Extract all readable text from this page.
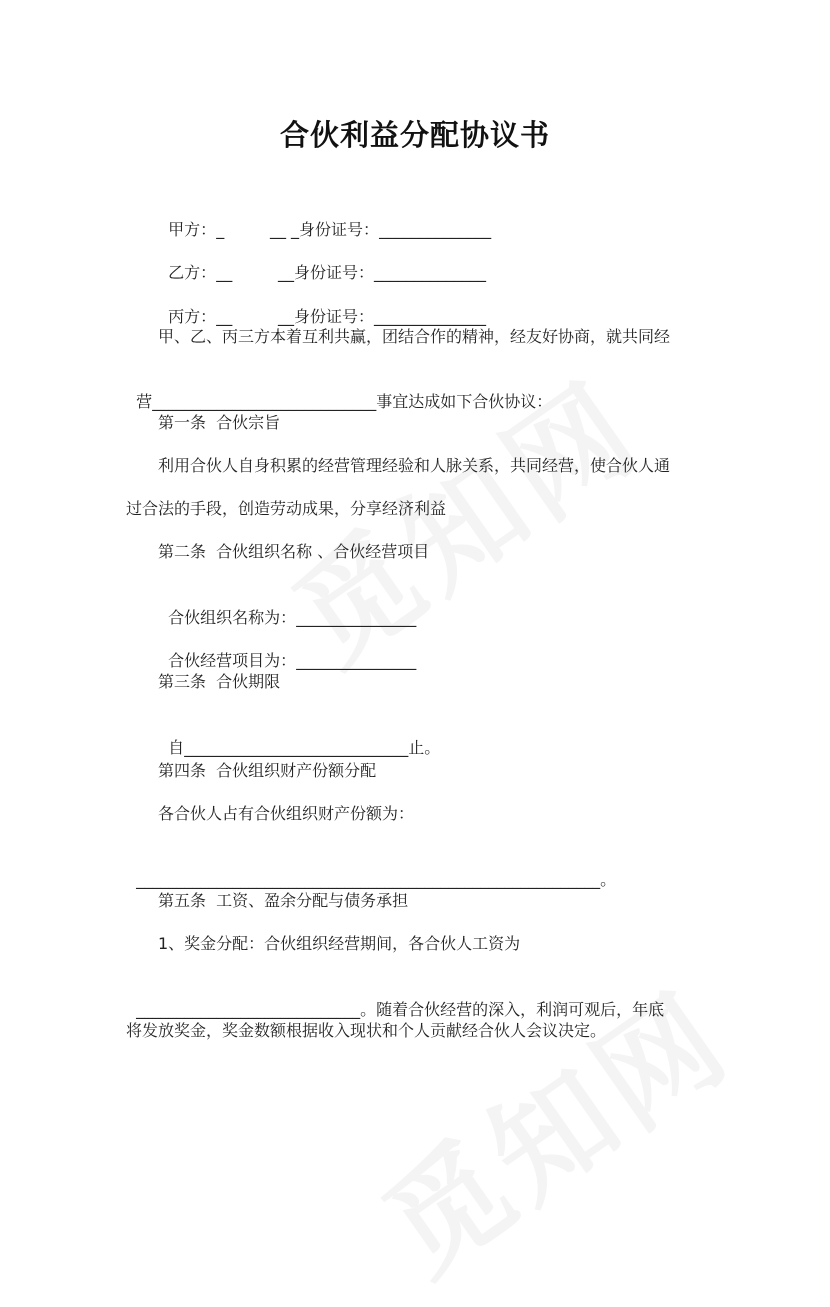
合伙利益分配协议书

甲方：_         __ _身份证号：______________

乙方：__         __身份证号：______________

丙方：__         __身份证号：______________

甲、乙、丙三方本着互利共赢，团结合作的精神，经友好协商，就共同经

营____________________________事宜达成如下合伙协议：

第一条  合伙宗旨
利用合伙人自身积累的经营管理经验和人脉关系，共同经营，使合伙人通
过合法的手段，创造劳动成果，分享经济利益
第二条  合伙组织名称 、合伙经营项目

合伙组织名称为：_______________

合伙经营项目为：_______________

第三条  合伙期限

自____________________________止。

第四条  合伙组织财产份额分配
各合伙人占有合伙组织财产份额为：

__________________________________________________________。

第五条  工资、盈余分配与债务承担
1、奖金分配：合伙组织经营期间，各合伙人工资为

____________________________。随着合伙经营的深入，利润可观后，年底

将发放奖金，奖金数额根据收入现状和个人贡献经合伙人会议决定。
